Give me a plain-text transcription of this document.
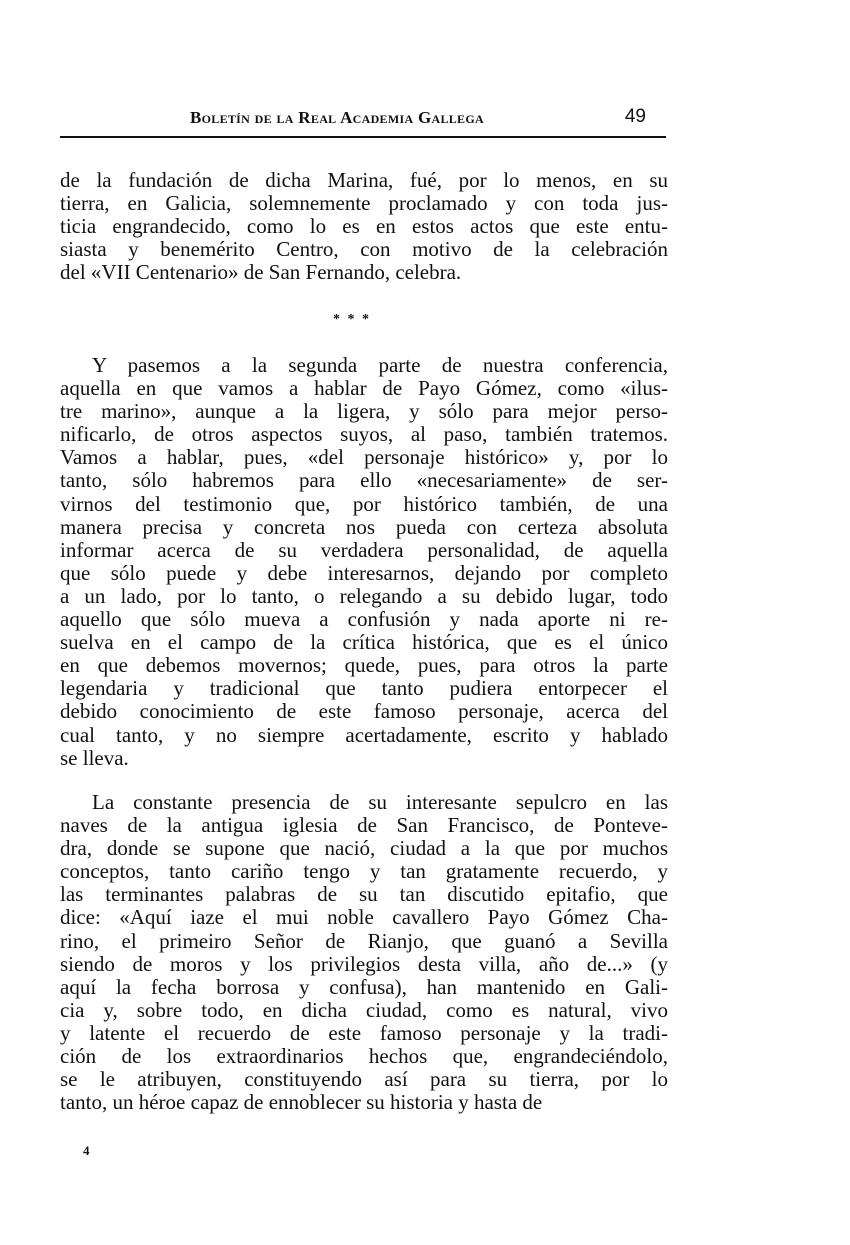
Boletín de la Real Academia Gallega	49
de la fundación de dicha Marina, fué, por lo menos, en su
tierra, en Galicia, solemnemente proclamado y con toda jus-
ticia engrandecido, como lo es en estos actos que este entu-
siasta y benemérito Centro, con motivo de la celebración
del «VII Centenario» de San Fernando, celebra.
* * *
Y pasemos a la segunda parte de nuestra conferencia,
aquella en que vamos a hablar de Payo Gómez, como «ilus-
tre marino», aunque a la ligera, y sólo para mejor perso-
nificarlo, de otros aspectos suyos, al paso, también tratemos.
Vamos a hablar, pues, «del personaje histórico» y, por lo
tanto, sólo habremos para ello «necesariamente» de ser-
virnos del testimonio que, por histórico también, de una
manera precisa y concreta nos pueda con certeza absoluta
informar acerca de su verdadera personalidad, de aquella
que sólo puede y debe interesarnos, dejando por completo
a un lado, por lo tanto, o relegando a su debido lugar, todo
aquello que sólo mueva a confusión y nada aporte ni re-
suelva en el campo de la crítica histórica, que es el único
en que debemos movernos; quede, pues, para otros la parte
legendaria y tradicional que tanto pudiera entorpecer el
debido conocimiento de este famoso personaje, acerca del
cual tanto, y no siempre acertadamente, escrito y hablado
se lleva.
La constante presencia de su interesante sepulcro en las
naves de la antigua iglesia de San Francisco, de Ponteve-
dra, donde se supone que nació, ciudad a la que por muchos
conceptos, tanto cariño tengo y tan gratamente recuerdo, y
las terminantes palabras de su tan discutido epitafio, que
dice: «Aquí iaze el mui noble cavallero Payo Gómez Cha-
rino, el primeiro Señor de Rianjo, que guanó a Sevilla
siendo de moros y los privilegios desta villa, año de...» (y
aquí la fecha borrosa y confusa), han mantenido en Gali-
cia y, sobre todo, en dicha ciudad, como es natural, vivo
y latente el recuerdo de este famoso personaje y la tradi-
ción de los extraordinarios hechos que, engrandeciéndolo,
se le atribuyen, constituyendo así para su tierra, por lo
tanto, un héroe capaz de ennoblecer su historia y hasta de
4
